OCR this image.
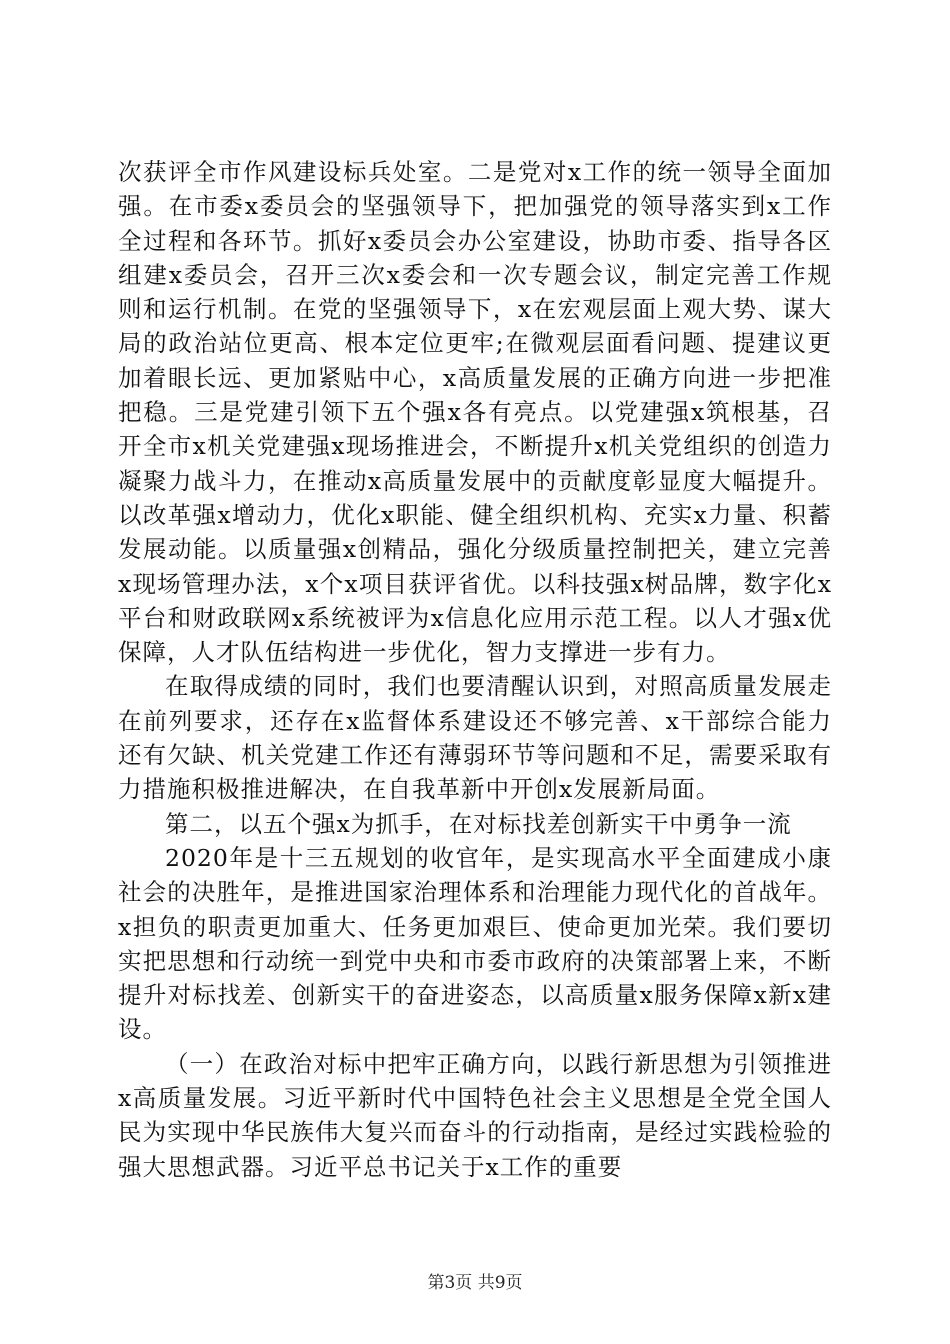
次获评全市作风建设标兵处室。二是党对x工作的统一领导全面加强。在市委x委员会的坚强领导下，把加强党的领导落实到x工作全过程和各环节。抓好x委员会办公室建设，协助市委、指导各区组建x委员会，召开三次x委会和一次专题会议，制定完善工作规则和运行机制。在党的坚强领导下，x在宏观层面上观大势、谋大局的政治站位更高、根本定位更牢;在微观层面看问题、提建议更加着眼长远、更加紧贴中心，x高质量发展的正确方向进一步把准把稳。三是党建引领下五个强x各有亮点。以党建强x筑根基，召开全市x机关党建强x现场推进会，不断提升x机关党组织的创造力凝聚力战斗力，在推动x高质量发展中的贡献度彰显度大幅提升。以改革强x增动力，优化x职能、健全组织机构、充实x力量、积蓄发展动能。以质量强x创精品，强化分级质量控制把关，建立完善x现场管理办法，x个x项目获评省优。以科技强x树品牌，数字化x平台和财政联网x系统被评为x信息化应用示范工程。以人才强x优保障，人才队伍结构进一步优化，智力支撑进一步有力。

在取得成绩的同时，我们也要清醒认识到，对照高质量发展走在前列要求，还存在x监督体系建设还不够完善、x干部综合能力还有欠缺、机关党建工作还有薄弱环节等问题和不足，需要采取有力措施积极推进解决，在自我革新中开创x发展新局面。

第二，以五个强x为抓手，在对标找差创新实干中勇争一流

2020年是十三五规划的收官年，是实现高水平全面建成小康社会的决胜年，是推进国家治理体系和治理能力现代化的首战年。x担负的职责更加重大、任务更加艰巨、使命更加光荣。我们要切实把思想和行动统一到党中央和市委市政府的决策部署上来，不断提升对标找差、创新实干的奋进姿态，以高质量x服务保障x新x建设。

（一）在政治对标中把牢正确方向，以践行新思想为引领推进x高质量发展。习近平新时代中国特色社会主义思想是全党全国人民为实现中华民族伟大复兴而奋斗的行动指南，是经过实践检验的强大思想武器。习近平总书记关于x工作的重要

第3页 共9页
